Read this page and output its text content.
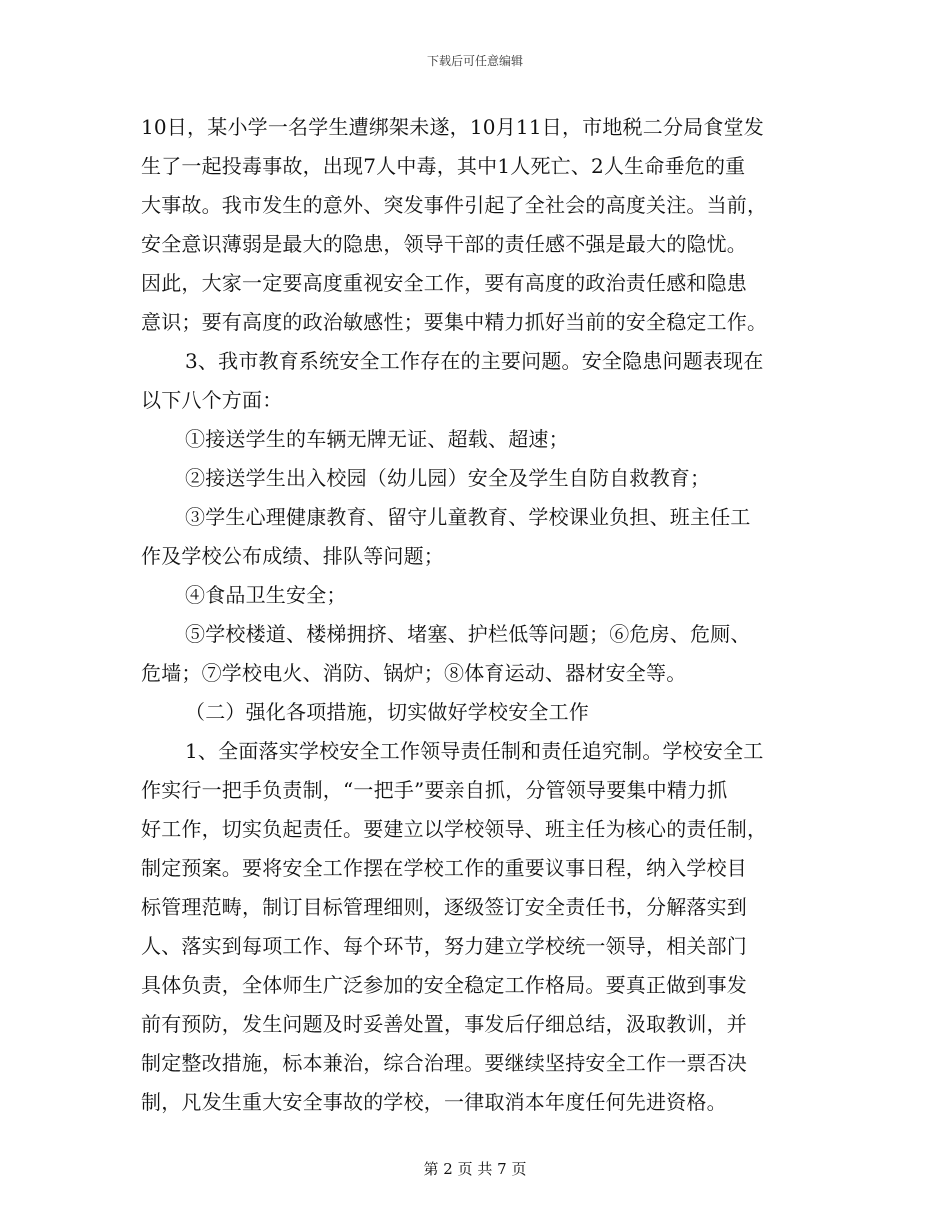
下载后可任意编辑
10日，某小学一名学生遭绑架未遂，10月11日，市地税二分局食堂发
生了一起投毒事故，出现7人中毒，其中1人死亡、2人生命垂危的重
大事故。我市发生的意外、突发事件引起了全社会的高度关注。当前，
安全意识薄弱是最大的隐患，领导干部的责任感不强是最大的隐忧。
因此，大家一定要高度重视安全工作，要有高度的政治责任感和隐患
意识；要有高度的政治敏感性；要集中精力抓好当前的安全稳定工作。
3、我市教育系统安全工作存在的主要问题。安全隐患问题表现在
以下八个方面：
①接送学生的车辆无牌无证、超载、超速；
②接送学生出入校园（幼儿园）安全及学生自防自救教育；
③学生心理健康教育、留守儿童教育、学校课业负担、班主任工
作及学校公布成绩、排队等问题；
④食品卫生安全；
⑤学校楼道、楼梯拥挤、堵塞、护栏低等问题；⑥危房、危厕、
危墙；⑦学校电火、消防、锅炉；⑧体育运动、器材安全等。
（二）强化各项措施，切实做好学校安全工作
1、全面落实学校安全工作领导责任制和责任追究制。学校安全工
作实行一把手负责制，“一把手”要亲自抓，分管领导要集中精力抓
好工作，切实负起责任。要建立以学校领导、班主任为核心的责任制，
制定预案。要将安全工作摆在学校工作的重要议事日程，纳入学校目
标管理范畴，制订目标管理细则，逐级签订安全责任书，分解落实到
人、落实到每项工作、每个环节，努力建立学校统一领导，相关部门
具体负责，全体师生广泛参加的安全稳定工作格局。要真正做到事发
前有预防，发生问题及时妥善处置，事发后仔细总结，汲取教训，并
制定整改措施，标本兼治，综合治理。要继续坚持安全工作一票否决
制，凡发生重大安全事故的学校，一律取消本年度任何先进资格。
第 2 页 共 7 页
